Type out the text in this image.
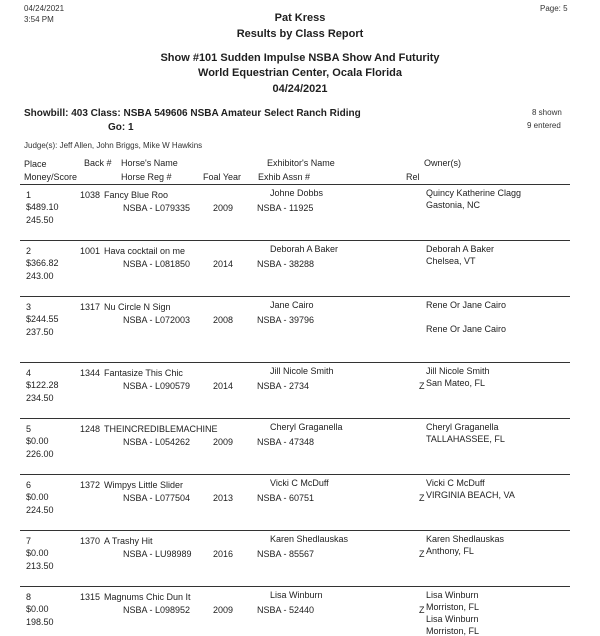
04/24/2021
3:54 PM
Page: 5
Pat Kress
Results by Class Report
Show #101 Sudden Impulse NSBA Show And Futurity
World Equestrian Center, Ocala Florida
04/24/2021
Showbill: 403 Class: NSBA 549606 NSBA Amateur Select Ranch Riding
Go: 1
8 shown
9 entered
Judge(s): Jeff Allen, John Briggs, Mike W Hawkins
Place
Money/Score
Back # Horse's Name
Horse Reg #	Foal Year
Exhibitor's Name
Exhib Assn #	Rel
Owner(s)
1
$489.10
245.50
1038 Fancy Blue Roo
NSBA - L079335	2009
Johne Dobbs
NSBA - 11925
Quincy Katherine Clagg
Gastonia, NC
2
$366.82
243.00
1001 Hava cocktail on me
NSBA - L081850	2014
Deborah A Baker
NSBA - 38288
Deborah A Baker
Chelsea, VT
3
$244.55
237.50
1317 Nu Circle N Sign
NSBA - L072003	2008
Jane Cairo
NSBA - 39796
Rene Or Jane Cairo
Rene Or Jane Cairo
4
$122.28
234.50
1344 Fantasize This Chic
NSBA - L090579	2014
Jill Nicole Smith
NSBA - 2734	Z
Jill Nicole Smith
San Mateo, FL
5
$0.00
226.00
1248 THEINCREDIBLEMACHINE
NSBA - L054262	2009
Cheryl Graganella
NSBA - 47348
Cheryl Graganella
TALLAHASSEE, FL
6
$0.00
224.50
1372 Wimpys Little Slider
NSBA - L077504	2013
Vicki C McDuff
NSBA - 60751	Z
Vicki C McDuff
VIRGINIA BEACH, VA
7
$0.00
213.50
1370 A Trashy Hit
NSBA - LU98989 2016
Karen Shedlauskas
NSBA - 85567	Z
Karen Shedlauskas
Anthony, FL
8
$0.00
198.50
1315 Magnums Chic Dun It
NSBA - L098952	2009
Lisa Winburn
NSBA - 52440	Z
Lisa Winburn
Morriston, FL
Lisa Winburn
Morriston, FL
